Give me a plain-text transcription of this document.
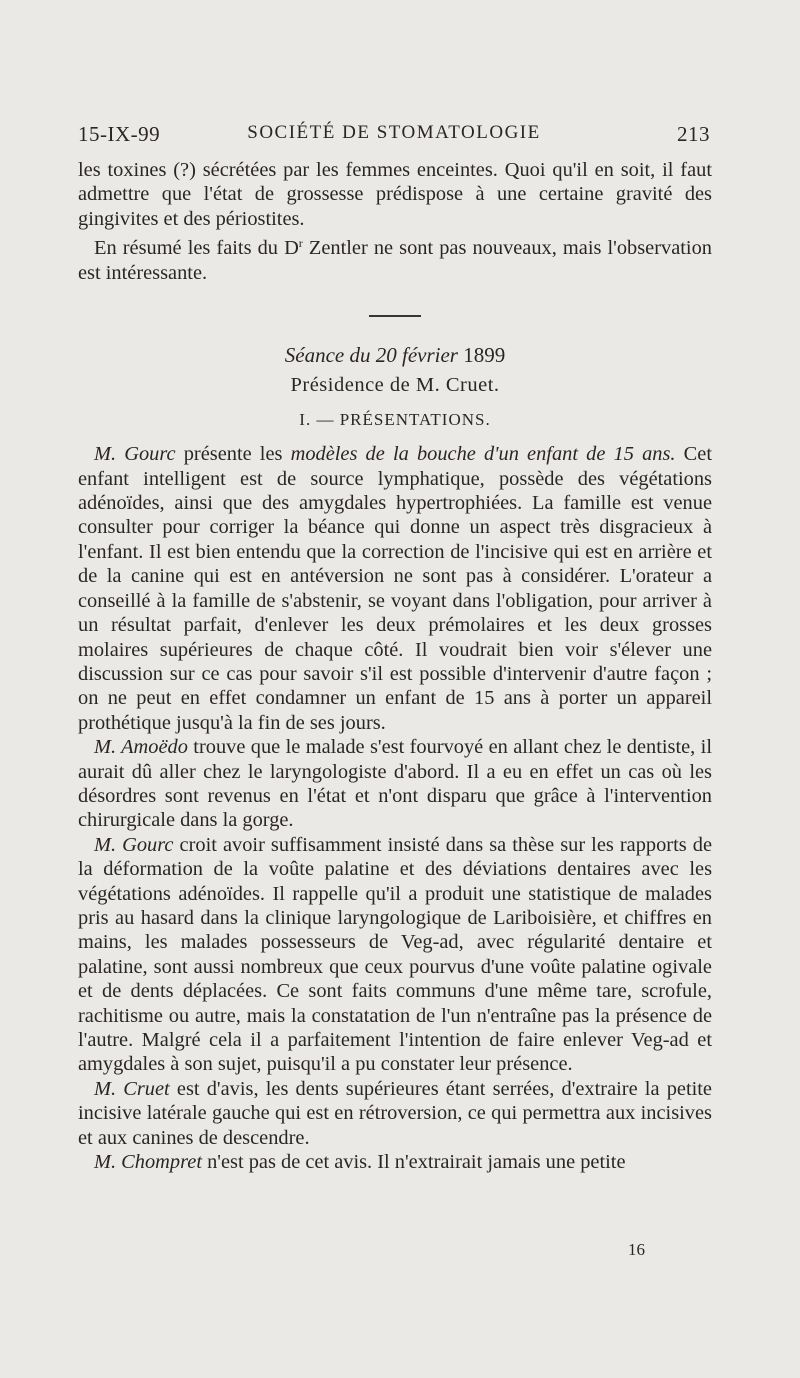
15-IX-99	SOCIÉTÉ DE STOMATOLOGIE	213

les toxines (?) sécrétées par les femmes enceintes. Quoi qu'il en soit, il faut admettre que l'état de grossesse prédispose à une certaine gravité des gingivites et des périostites.

En résumé les faits du $D^r$ Zentler ne sont pas nouveaux, mais l'observation est intéressante.

Séance du 20 février 1899
Présidence de M. Cruet.
I. — PRÉSENTATIONS.

M. Gourc présente les modèles de la bouche d'un enfant de 15 ans. Cet enfant intelligent est de source lymphatique, possède des végétations adénoïdes, ainsi que des amygdales hypertrophiées. La famille est venue consulter pour corriger la béance qui donne un aspect très disgracieux à l'enfant. Il est bien entendu que la correction de l'incisive qui est en arrière et de la canine qui est en antéversion ne sont pas à considérer. L'orateur a conseillé à la famille de s'abstenir, se voyant dans l'obligation, pour arriver à un résultat parfait, d'enlever les deux prémolaires et les deux grosses molaires supérieures de chaque côté. Il voudrait bien voir s'élever une discussion sur ce cas pour savoir s'il est possible d'intervenir d'autre façon ; on ne peut en effet condamner un enfant de 15 ans à porter un appareil prothétique jusqu'à la fin de ses jours.

M. Amoëdo trouve que le malade s'est fourvoyé en allant chez le dentiste, il aurait dû aller chez le laryngologiste d'abord. Il a eu en effet un cas où les désordres sont revenus en l'état et n'ont disparu que grâce à l'intervention chirurgicale dans la gorge.

M. Gourc croit avoir suffisamment insisté dans sa thèse sur les rapports de la déformation de la voûte palatine et des déviations dentaires avec les végétations adénoïdes. Il rappelle qu'il a produit une statistique de malades pris au hasard dans la clinique laryngologique de Lariboisière, et chiffres en mains, les malades possesseurs de Veg-ad, avec régularité dentaire et palatine, sont aussi nombreux que ceux pourvus d'une voûte palatine ogivale et de dents déplacées. Ce sont faits communs d'une même tare, scrofule, rachitisme ou autre, mais la constatation de l'un n'entraîne pas la présence de l'autre. Malgré cela il a parfaitement l'intention de faire enlever Veg-ad et amygdales à son sujet, puisqu'il a pu constater leur présence.

M. Cruet est d'avis, les dents supérieures étant serrées, d'extraire la petite incisive latérale gauche qui est en rétroversion, ce qui permettra aux incisives et aux canines de descendre.

M. Chompret n'est pas de cet avis. Il n'extrairait jamais une petite

16
